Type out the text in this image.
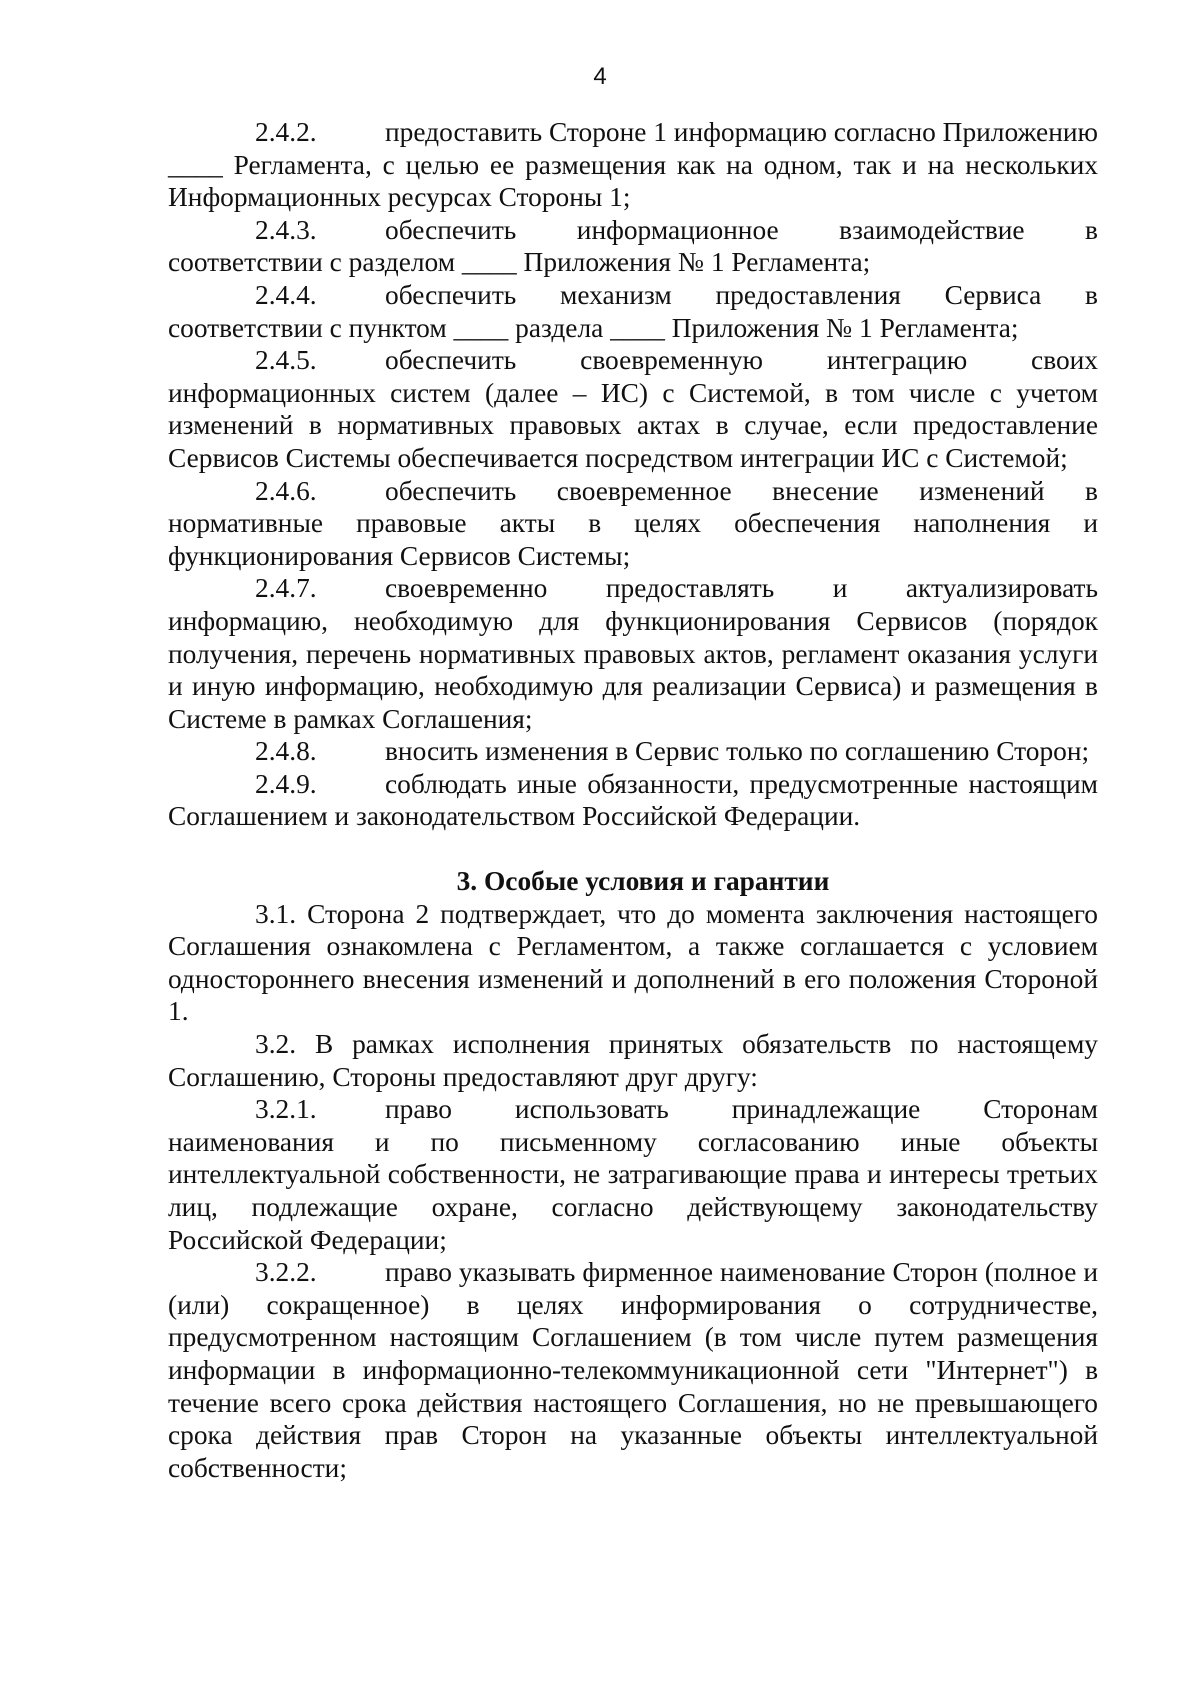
4

2.4.2. предоставить Стороне 1 информацию согласно Приложению ____ Регламента, с целью ее размещения как на одном, так и на нескольких Информационных ресурсах Стороны 1;

2.4.3. обеспечить информационное взаимодействие в соответствии с разделом ____ Приложения № 1 Регламента;

2.4.4. обеспечить механизм предоставления Сервиса в соответствии с пунктом ____ раздела ____ Приложения № 1 Регламента;

2.4.5. обеспечить своевременную интеграцию своих информационных систем (далее – ИС) с Системой, в том числе с учетом изменений в нормативных правовых актах в случае, если предоставление Сервисов Системы обеспечивается посредством интеграции ИС с Системой;

2.4.6. обеспечить своевременное внесение изменений в нормативные правовые акты в целях обеспечения наполнения и функционирования Сервисов Системы;

2.4.7. своевременно предоставлять и актуализировать информацию, необходимую для функционирования Сервисов (порядок получения, перечень нормативных правовых актов, регламент оказания услуги и иную информацию, необходимую для реализации Сервиса) и размещения в Системе в рамках Соглашения;

2.4.8. вносить изменения в Сервис только по соглашению Сторон;

2.4.9. соблюдать иные обязанности, предусмотренные настоящим Соглашением и законодательством Российской Федерации.

3. Особые условия и гарантии

3.1. Сторона 2 подтверждает, что до момента заключения настоящего Соглашения ознакомлена с Регламентом, а также соглашается с условием одностороннего внесения изменений и дополнений в его положения Стороной 1.

3.2. В рамках исполнения принятых обязательств по настоящему Соглашению, Стороны предоставляют друг другу:

3.2.1. право использовать принадлежащие Сторонам наименования и по письменному согласованию иные объекты интеллектуальной собственности, не затрагивающие права и интересы третьих лиц, подлежащие охране, согласно действующему законодательству Российской Федерации;

3.2.2. право указывать фирменное наименование Сторон (полное и (или) сокращенное) в целях информирования о сотрудничестве, предусмотренном настоящим Соглашением (в том числе путем размещения информации в информационно-телекоммуникационной сети "Интернет") в течение всего срока действия настоящего Соглашения, но не превышающего срока действия прав Сторон на указанные объекты интеллектуальной собственности;
